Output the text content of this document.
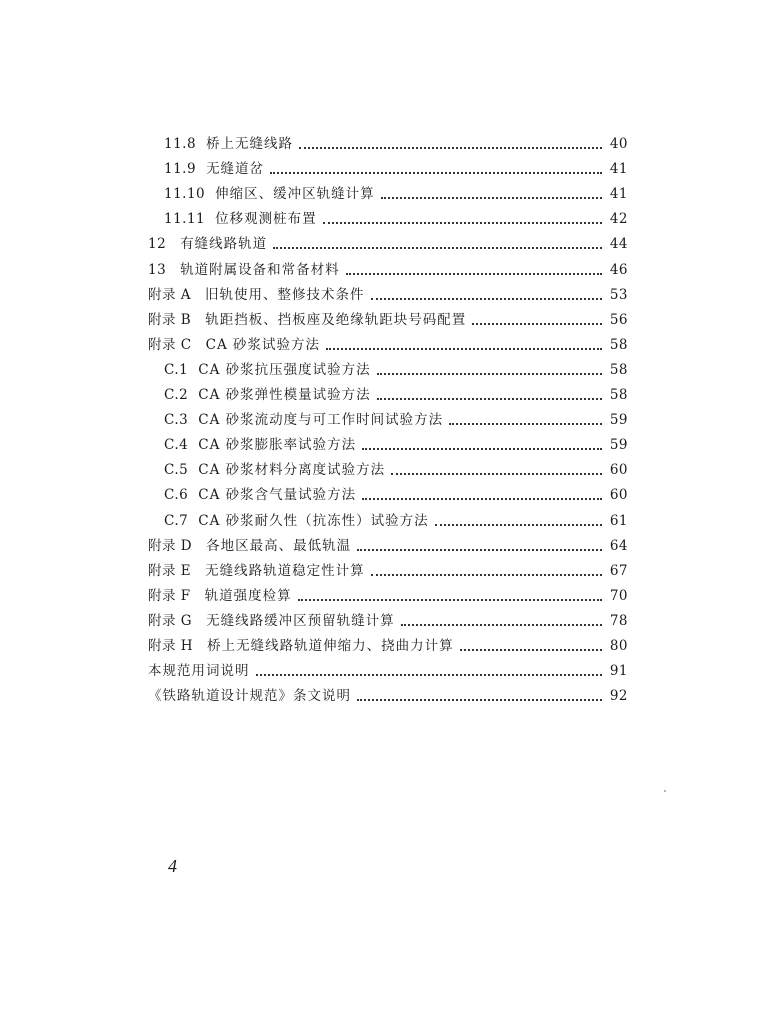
11.8 桥上无缝线路	40
11.9 无缝道岔	41
11.10 伸缩区、缓冲区轨缝计算	41
11.11 位移观测桩布置	42
12 有缝线路轨道	44
13 轨道附属设备和常备材料	46
附录 A 旧轨使用、整修技术条件	53
附录 B 轨距挡板、挡板座及绝缘轨距块号码配置	56
附录 C CA 砂浆试验方法	58
C.1 CA 砂浆抗压强度试验方法	58
C.2 CA 砂浆弹性模量试验方法	58
C.3 CA 砂浆流动度与可工作时间试验方法	59
C.4 CA 砂浆膨胀率试验方法	59
C.5 CA 砂浆材料分离度试验方法	60
C.6 CA 砂浆含气量试验方法	60
C.7 CA 砂浆耐久性（抗冻性）试验方法	61
附录 D 各地区最高、最低轨温	64
附录 E 无缝线路轨道稳定性计算	67
附录 F 轨道强度检算	70
附录 G 无缝线路缓冲区预留轨缝计算	78
附录 H 桥上无缝线路轨道伸缩力、挠曲力计算	80
本规范用词说明	91
《铁路轨道设计规范》条文说明	92
4
